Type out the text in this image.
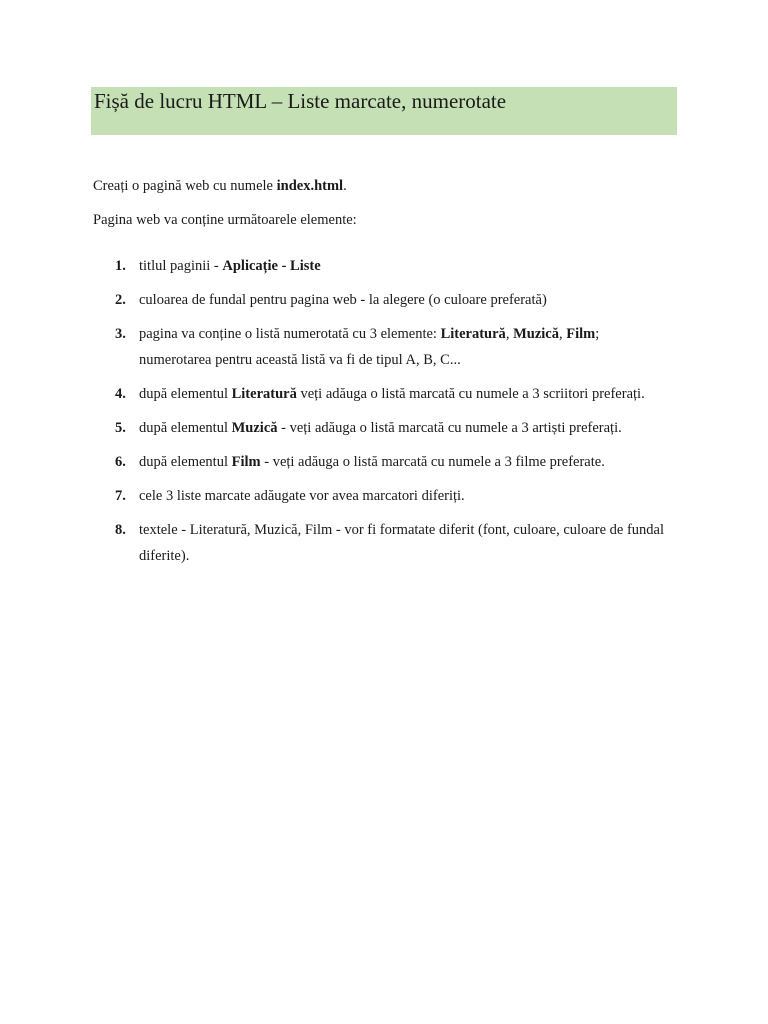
Fișă de lucru HTML – Liste marcate, numerotate
Creați o pagină web cu numele index.html.
Pagina web va conține următoarele elemente:
1. titlul paginii - Aplicație - Liste
2. culoarea de fundal pentru pagina web - la alegere (o culoare preferată)
3. pagina va conține o listă numerotată cu 3 elemente: Literatură, Muzică, Film; numerotarea pentru această listă va fi de tipul A, B, C...
4. după elementul Literatură veți adăuga o listă marcată cu numele a 3 scriitori preferați.
5. după elementul Muzică - veți adăuga o listă marcată cu numele a 3 artiști preferați.
6. după elementul Film - veți adăuga o listă marcată cu numele a 3 filme preferate.
7. cele 3 liste marcate adăugate vor avea marcatori diferiți.
8. textele - Literatură, Muzică, Film - vor fi formatate diferit (font, culoare, culoare de fundal diferite).
